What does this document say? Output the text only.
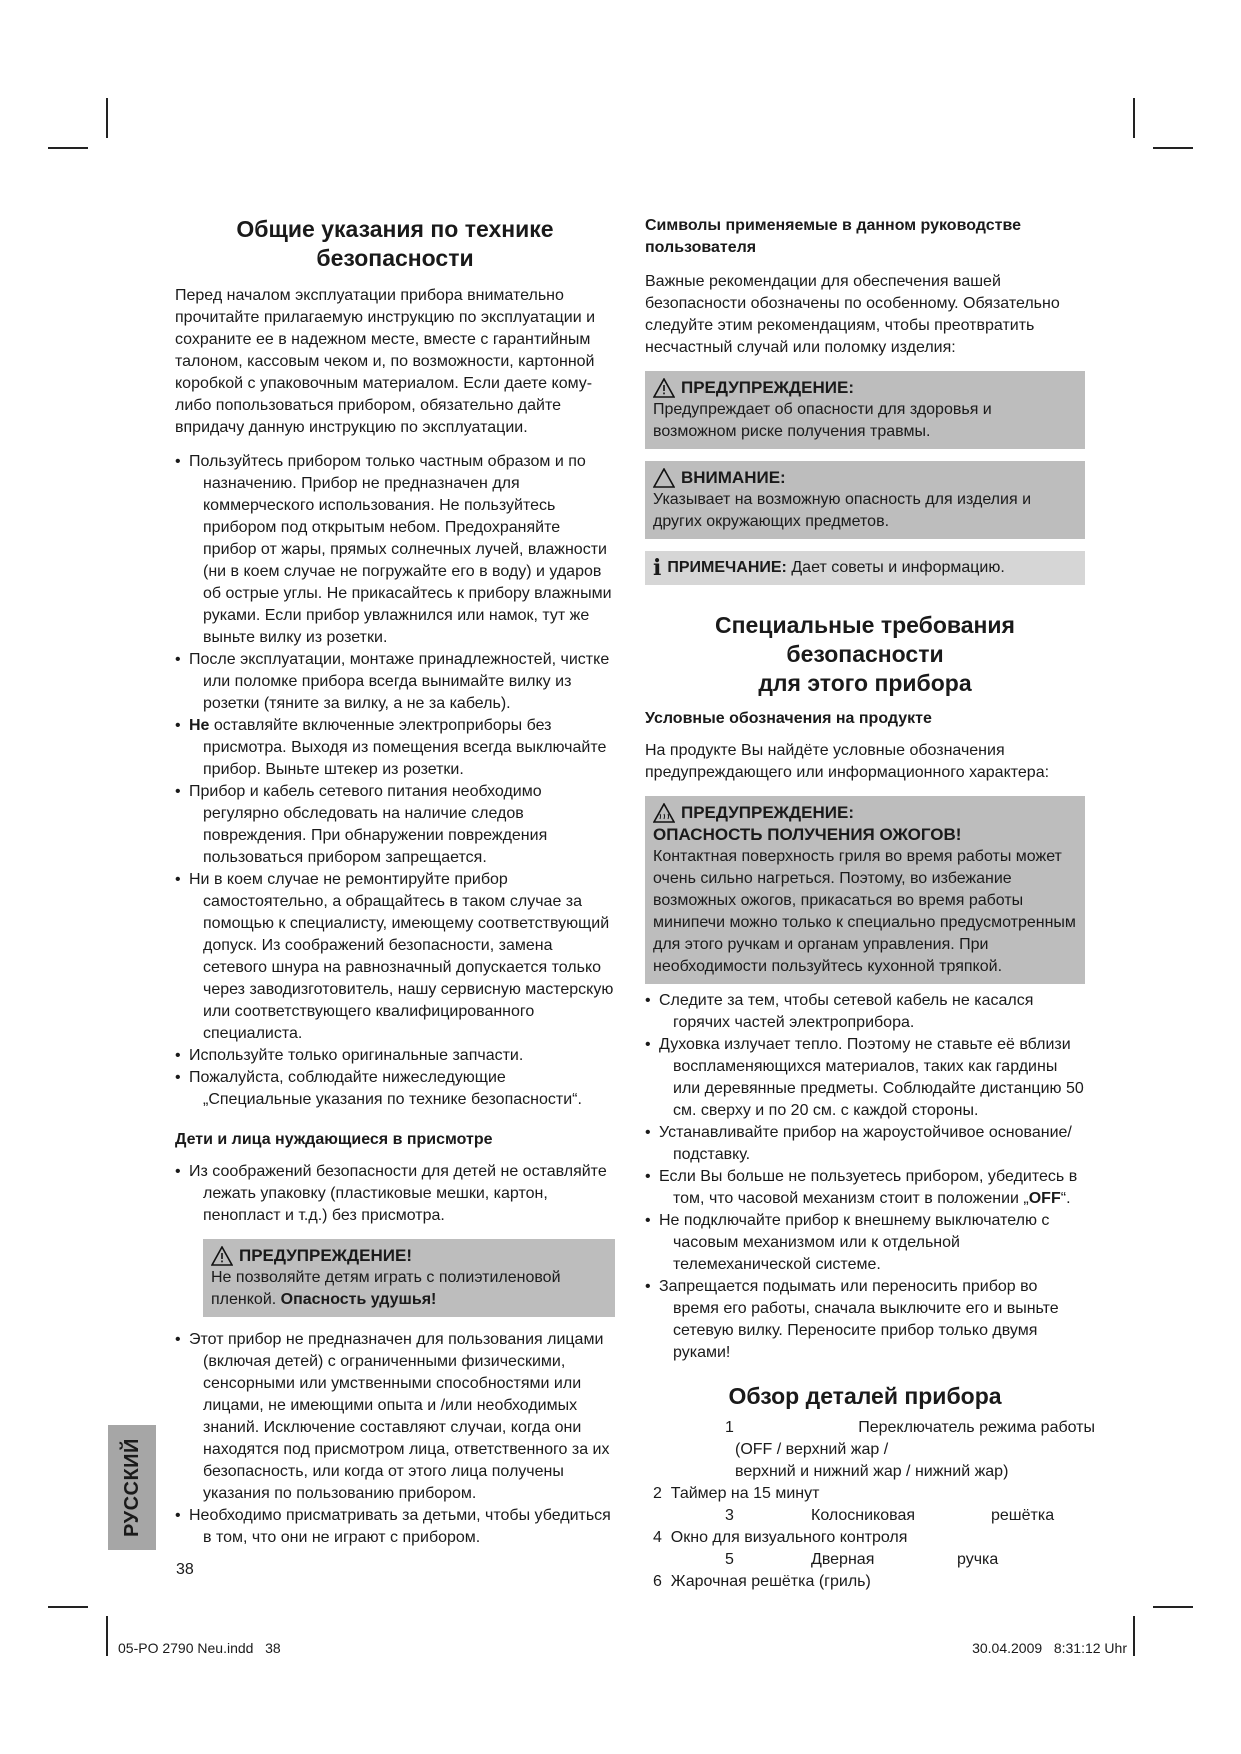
Общие указания по технике безопасности

Перед началом эксплуатации прибора внимательно прочитайте прилагаемую инструкцию по эксплуатации и сохраните ее в надежном месте, вместе с гарантийным талоном, кассовым чеком и, по возможности, картонной коробкой с упаковочным материалом. Если даете кому-либо попользоваться прибором, обязательно дайте впридачу данную инструкцию по эксплуатации.

• Пользуйтесь прибором только частным образом и по назначению. Прибор не предназначен для коммерческого использования. Не пользуйтесь прибором под открытым небом. Предохраняйте прибор от жары, прямых солнечных лучей, влажности (ни в коем случае не погружайте его в воду) и ударов об острые углы. Не прикасайтесь к прибору влажными руками. Если прибор увлажнился или намок, тут же выньте вилку из розетки.
• После эксплуатации, монтаже принадлежностей, чистке или поломке прибора всегда вынимайте вилку из розетки (тяните за вилку, а не за кабель).
• Не оставляйте включенные электроприборы без присмотра. Выходя из помещения всегда выключайте прибор. Выньте штекер из розетки.
• Прибор и кабель сетевого питания необходимо регулярно обследовать на наличие следов повреждения. При обнаружении повреждения пользоваться прибором запрещается.
• Ни в коем случае не ремонтируйте прибор самостоятельно, а обращайтесь в таком случае за помощью к специалисту, имеющему соответствующий допуск. Из соображений безопасности, замена сетевого шнура на равнозначный допускается только через заводизготовитель, нашу сервисную мастерскую или соответствующего квалифицированного специалиста.
• Используйте только оригинальные запчасти.
• Пожалуйста, соблюдайте нижеследующие „Специальные указания по технике безопасности“.
Дети и лица нуждающиеся в присмотре
• Из соображений безопасности для детей не оставляйте лежать упаковку (пластиковые мешки, картон, пенопласт и т.д.) без присмотра.
ПРЕДУПРЕЖДЕНИЕ!
Не позволяйте детям играть с полиэтиленовой пленкой. Опасность удушья!
• Этот прибор не предназначен для пользования лицами (включая детей) с ограниченными физическими, сенсорными или умственными способностями или лицами, не имеющими опыта и /или необходимых знаний. Исключение составляют случаи, когда они находятся под присмотром лица, ответственного за их безопасность, или когда от этого лица получены указания по пользованию прибором.
• Необходимо присматривать за детьми, чтобы убедиться в том, что они не играют с прибором.
Символы применяемые в данном руководстве пользователя

Важные рекомендации для обеспечения вашей безопасности обозначены по особенному. Обязательно следуйте этим рекомендациям, чтобы преотвратить несчастный случай или поломку изделия:

ПРЕДУПРЕЖДЕНИЕ:
Предупреждает об опасности для здоровья и возможном риске получения травмы.
ВНИМАНИЕ:
Указывает на возможную опасность для изделия и других окружающих предметов.
i ПРИМЕЧАНИЕ: Дает советы и информацию.
Специальные требования безопасности
для этого прибора
Условные обозначения на продукте

На продукте Вы найдёте условные обозначения предупреждающего или информационного характера:

ПРЕДУПРЕЖДЕНИЕ:
ОПАСНОСТЬ ПОЛУЧЕНИЯ ОЖОГОВ!
Контактная поверхность гриля во время работы может очень сильно нагреться. Поэтому, во избежание возможных ожогов, прикасаться во время работы минипечи можно только к специально предусмотренным для этого ручкам и органам управления. При необходимости пользуйтесь кухонной тряпкой.
• Следите за тем, чтобы сетевой кабель не касался горячих частей электроприбора.
• Духовка излучает тепло. Поэтому не ставьте её вблизи воспламеняющихся материалов, таких как гардины или деревянные предметы. Соблюдайте дистанцию 50 см. сверху и по 20 см. с каждой стороны.
• Устанавливайте прибор на жароустойчивое основание/ подставку.
• Если Вы больше не пользуетесь прибором, убедитесь в том, что часовой механизм стоит в положении „OFF“.
• Не подключайте прибор к внешнему выключателю с часовым механизмом или к отдельной телемеханической системе.
• Запрещается подымать или переносить прибор во время его работы, сначала выключите его и выньте сетевую вилку. Переносите прибор только двумя руками!
Обзор деталей прибора
1	Переключатель режима работы
(OFF / верхний жар /
верхний и нижний жар / нижний жар)
2  Таймер на 15 минут
3	Колосниковая	решётка
4  Окно для визуального контроля
5	Дверная	ручка
6  Жарочная решётка (гриль)
РУССКИЙ
38
05-PO 2790 Neu.indd   38	30.04.2009   8:31:12 Uhr
